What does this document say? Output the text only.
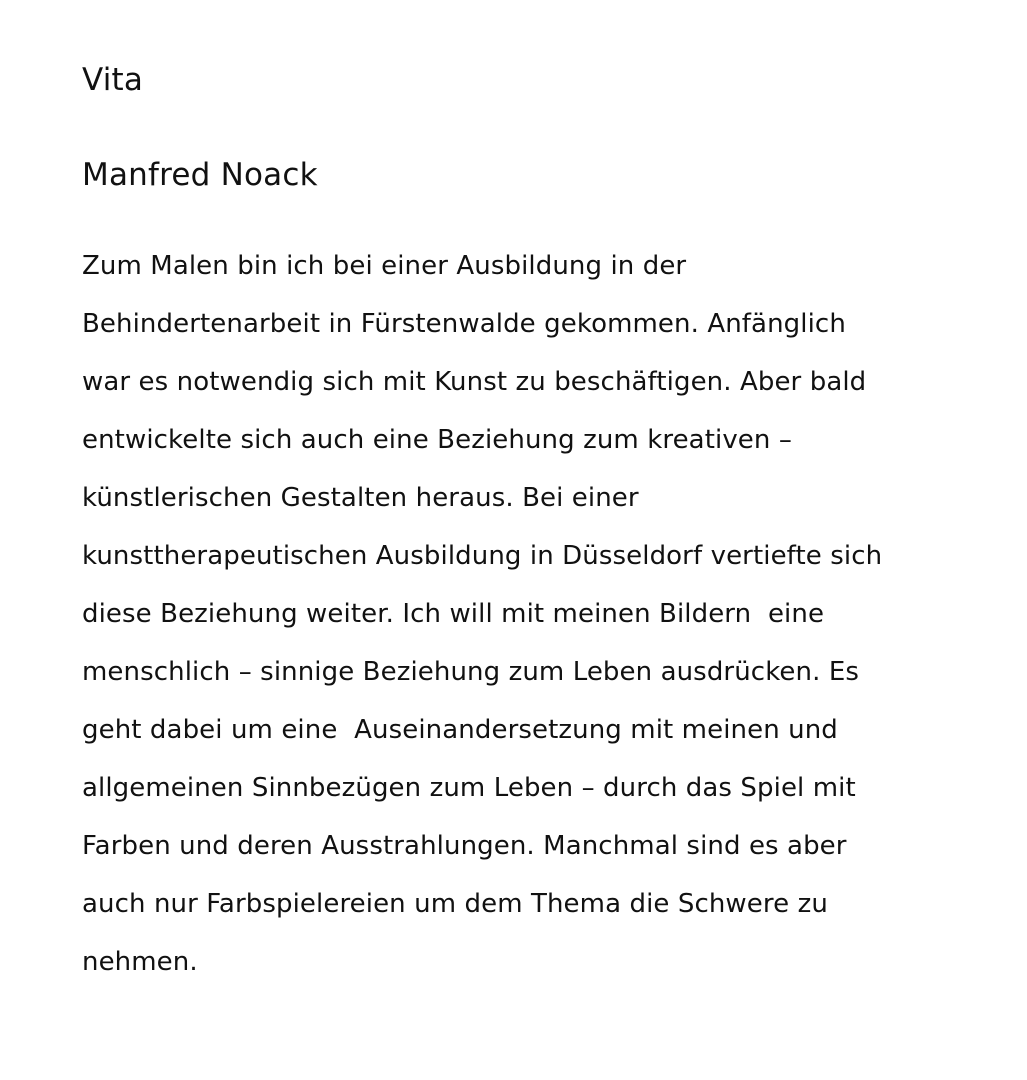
Vita
Manfred Noack
Zum Malen bin ich bei einer Ausbildung in der
Behindertenarbeit in Fürstenwalde gekommen. Anfänglich
war es notwendig sich mit Kunst zu beschäftigen. Aber bald
entwickelte sich auch eine Beziehung zum kreativen –
künstlerischen Gestalten heraus. Bei einer
kunsttherapeutischen Ausbildung in Düsseldorf vertiefte sich
diese Beziehung weiter. Ich will mit meinen Bildern  eine
menschlich – sinnige Beziehung zum Leben ausdrücken. Es
geht dabei um eine  Auseinandersetzung mit meinen und
allgemeinen Sinnbezügen zum Leben – durch das Spiel mit
Farben und deren Ausstrahlungen. Manchmal sind es aber
auch nur Farbspielereien um dem Thema die Schwere zu
nehmen.
